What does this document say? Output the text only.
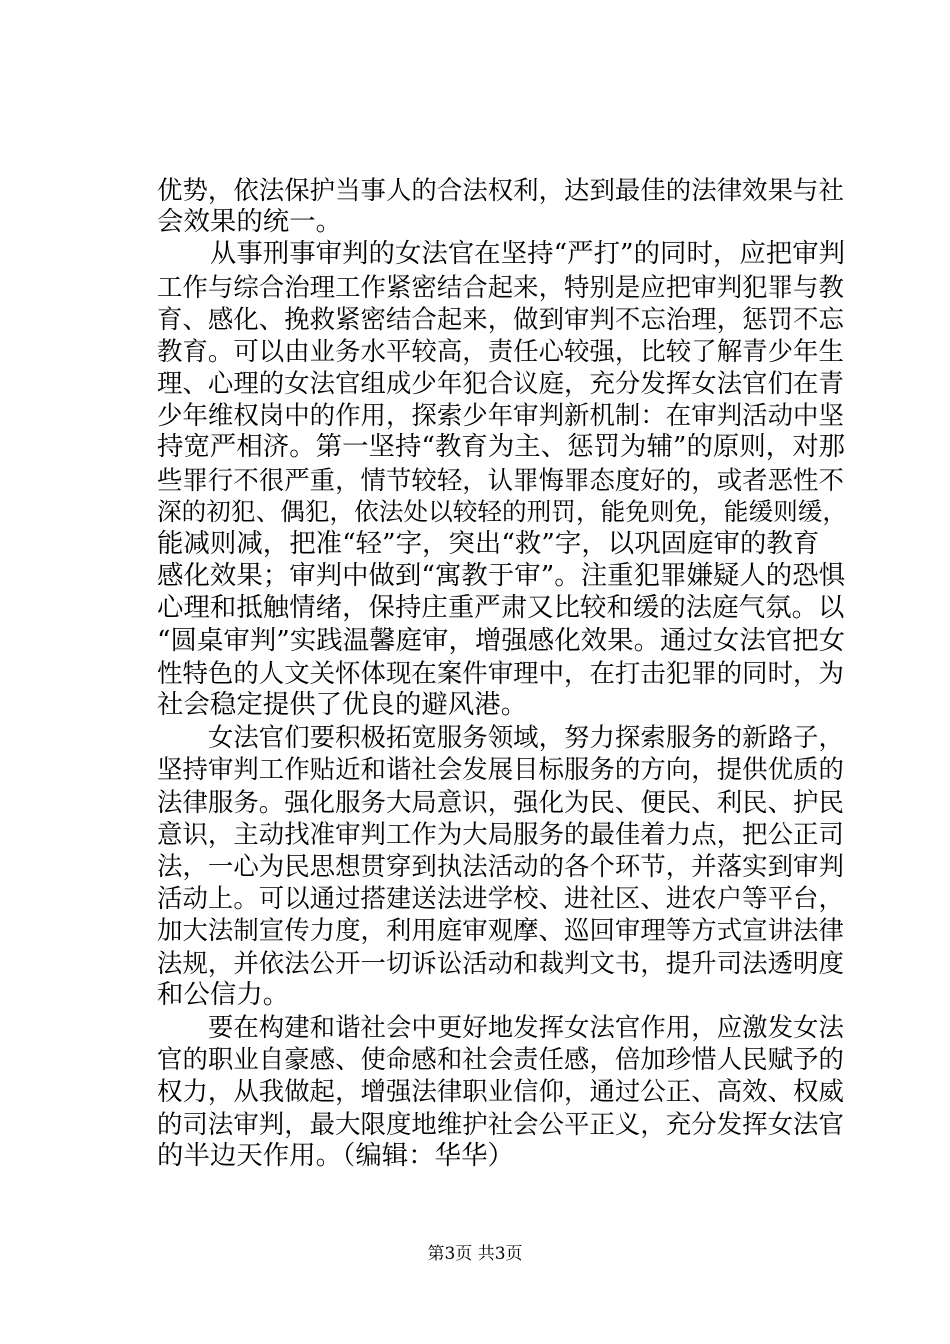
优势，依法保护当事人的合法权利，达到最佳的法律效果与社
会效果的统一。
　　从事刑事审判的女法官在坚持“严打”的同时，应把审判
工作与综合治理工作紧密结合起来，特别是应把审判犯罪与教
育、感化、挽救紧密结合起来，做到审判不忘治理，惩罚不忘
教育。可以由业务水平较高，责任心较强，比较了解青少年生
理、心理的女法官组成少年犯合议庭，充分发挥女法官们在青
少年维权岗中的作用，探索少年审判新机制：在审判活动中坚
持宽严相济。第一坚持“教育为主、惩罚为辅”的原则，对那
些罪行不很严重，情节较轻，认罪悔罪态度好的，或者恶性不
深的初犯、偶犯，依法处以较轻的刑罚，能免则免，能缓则缓，
能减则减，把准“轻”字，突出“救”字，以巩固庭审的教育
感化效果；审判中做到“寓教于审”。注重犯罪嫌疑人的恐惧
心理和抵触情绪，保持庄重严肃又比较和缓的法庭气氛。以
“圆桌审判”实践温馨庭审，增强感化效果。通过女法官把女
性特色的人文关怀体现在案件审理中，在打击犯罪的同时，为
社会稳定提供了优良的避风港。
　　女法官们要积极拓宽服务领域，努力探索服务的新路子，
坚持审判工作贴近和谐社会发展目标服务的方向，提供优质的
法律服务。强化服务大局意识，强化为民、便民、利民、护民
意识，主动找准审判工作为大局服务的最佳着力点，把公正司
法，一心为民思想贯穿到执法活动的各个环节，并落实到审判
活动上。可以通过搭建送法进学校、进社区、进农户等平台，
加大法制宣传力度，利用庭审观摩、巡回审理等方式宣讲法律
法规，并依法公开一切诉讼活动和裁判文书，提升司法透明度
和公信力。
　　要在构建和谐社会中更好地发挥女法官作用，应激发女法
官的职业自豪感、使命感和社会责任感，倍加珍惜人民赋予的
权力，从我做起，增强法律职业信仰，通过公正、高效、权威
的司法审判，最大限度地维护社会公平正义，充分发挥女法官
的半边天作用。（编辑：华华）
第3页 共3页
